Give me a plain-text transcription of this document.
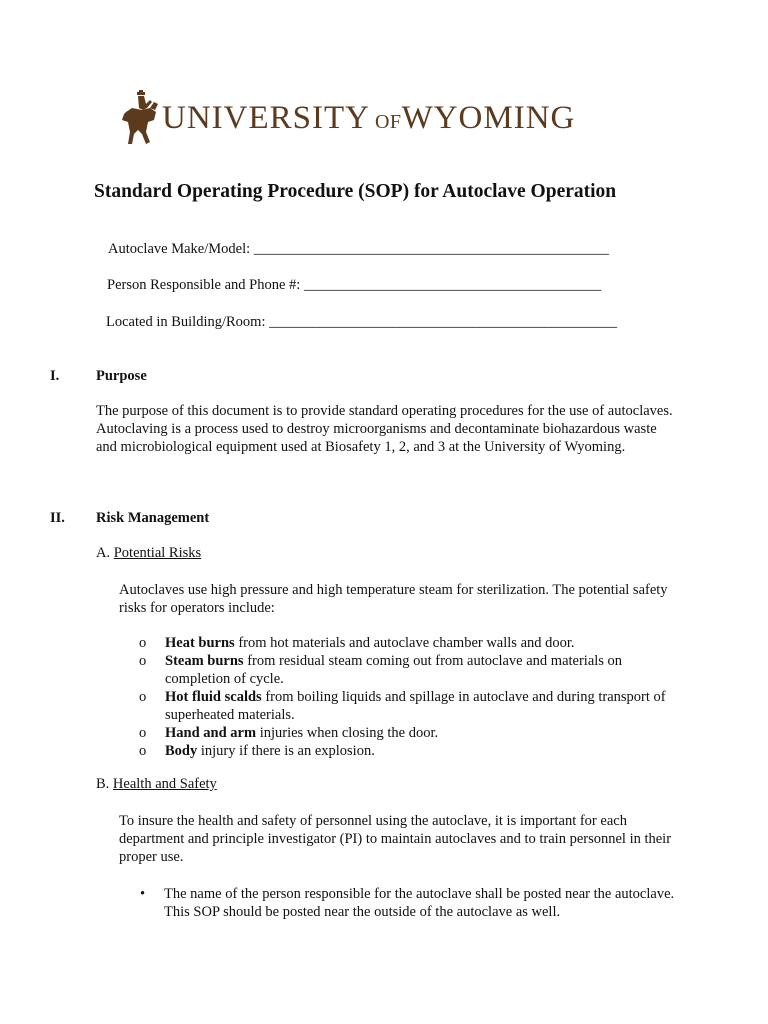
UNIVERSITY OFWYOMING
Standard Operating Procedure (SOP) for Autoclave Operation
Autoclave Make/Model: _________________________________________________
Person Responsible and Phone #: _________________________________________
Located in Building/Room: ________________________________________________
I.	Purpose
The purpose of this document is to provide standard operating procedures for the use of autoclaves.
Autoclaving is a process used to destroy microorganisms and decontaminate biohazardous waste
and microbiological equipment used at Biosafety 1, 2, and 3 at the University of Wyoming.
II. Risk Management
A. Potential Risks
Autoclaves use high pressure and high temperature steam for sterilization. The potential safety
risks for operators include:
o	Heat burns from hot materials and autoclave chamber walls and door.
o	Steam burns from residual steam coming out from autoclave and materials on
completion of cycle.
o	Hot fluid scalds from boiling liquids and spillage in autoclave and during transport of
superheated materials.
o	Hand and arm injuries when closing the door.
o	Body injury if there is an explosion.
B. Health and Safety
To insure the health and safety of personnel using the autoclave, it is important for each
department and principle investigator (PI) to maintain autoclaves and to train personnel in their
proper use.
•	The name of the person responsible for the autoclave shall be posted near the autoclave.
This SOP should be posted near the outside of the autoclave as well.
